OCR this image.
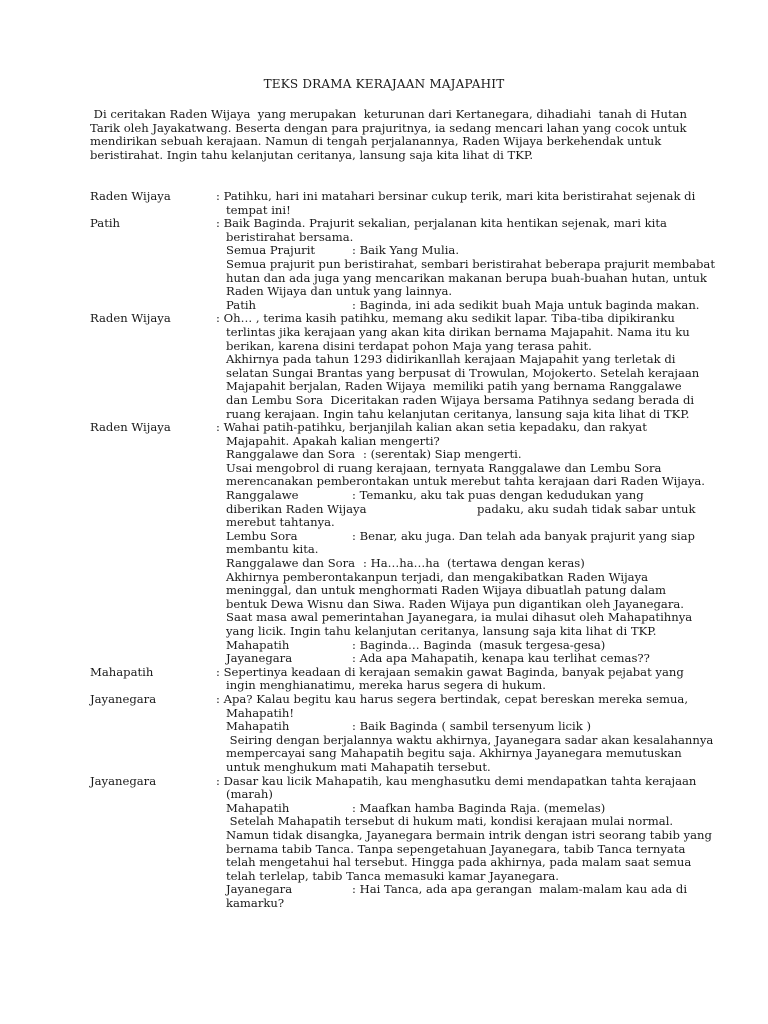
TEKS DRAMA KERAJAAN MAJAPAHIT

Di ceritakan Raden Wijaya  yang merupakan  keturunan dari Kertanegara, dihadiahi  tanah di Hutan

Tarik oleh Jayakatwang. Beserta dengan para prajuritnya, ia sedang mencari lahan yang cocok untuk

mendirikan sebuah kerajaan. Namun di tengah perjalanannya, Raden Wijaya berkehendak untuk

beristirahat. Ingin tahu kelanjutan ceritanya, lansung saja kita lihat di TKP.

Raden Wijaya	: Patihku, hari ini matahari bersinar cukup terik, mari kita beristirahat sejenak di
tempat ini!
Patih	: Baik Baginda. Prajurit sekalian, perjalanan kita hentikan sejenak, mari kita
beristirahat bersama.
Semua Prajurit	: Baik Yang Mulia.
Semua prajurit pun beristirahat, sembari beristirahat beberapa prajurit membabat
hutan dan ada juga yang mencarikan makanan berupa buah-buahan hutan, untuk
Raden Wijaya dan untuk yang lainnya.
Patih	: Baginda, ini ada sedikit buah Maja untuk baginda makan.
Raden Wijaya	: Oh… , terima kasih patihku, memang aku sedikit lapar. Tiba-tiba dipikiranku
terlintas jika kerajaan yang akan kita dirikan bernama Majapahit. Nama itu ku
berikan, karena disini terdapat pohon Maja yang terasa pahit.
Akhirnya pada tahun 1293 didirikanllah kerajaan Majapahit yang terletak di
selatan Sungai Brantas yang berpusat di Trowulan, Mojokerto. Setelah kerajaan
Majapahit berjalan, Raden Wijaya  memiliki patih yang bernama Ranggalawe
dan Lembu Sora  Diceritakan raden Wijaya bersama Patihnya sedang berada di
ruang kerajaan. Ingin tahu kelanjutan ceritanya, lansung saja kita lihat di TKP.
Raden Wijaya	: Wahai patih-patihku, berjanjilah kalian akan setia kepadaku, dan rakyat
Majapahit. Apakah kalian mengerti?
Ranggalawe dan Sora
: (serentak) Siap mengerti.
Usai mengobrol di ruang kerajaan, ternyata Ranggalawe dan Lembu Sora
merencanakan pemberontakan untuk merebut tahta kerajaan dari Raden Wijaya.
Ranggalawe	: Temanku, aku tak puas dengan kedudukan yang
diberikan Raden Wijaya                              padaku, aku sudah tidak sabar untuk
merebut tahtanya.
Lembu Sora	: Benar, aku juga. Dan telah ada banyak prajurit yang siap
membantu kita.
Ranggalawe dan Sora
: Ha…ha…ha  (tertawa dengan keras)
Akhirnya pemberontakanpun terjadi, dan mengakibatkan Raden Wijaya
meninggal, dan untuk menghormati Raden Wijaya dibuatlah patung dalam
bentuk Dewa Wisnu dan Siwa. Raden Wijaya pun digantikan oleh Jayanegara.
Saat masa awal pemerintahan Jayanegara, ia mulai dihasut oleh Mahapatihnya
yang licik. Ingin tahu kelanjutan ceritanya, lansung saja kita lihat di TKP.
Mahapatih	: Baginda… Baginda  (masuk tergesa-gesa)
Jayanegara	: Ada apa Mahapatih, kenapa kau terlihat cemas??
Mahapatih	: Sepertinya keadaan di kerajaan semakin gawat Baginda, banyak pejabat yang
ingin menghianatimu, mereka harus segera di hukum.
Jayanegara	: Apa? Kalau begitu kau harus segera bertindak, cepat bereskan mereka semua,
Mahapatih!
Mahapatih	: Baik Baginda ( sambil tersenyum licik )
Seiring dengan berjalannya waktu akhirnya, Jayanegara sadar akan kesalahannya
mempercayai sang Mahapatih begitu saja. Akhirnya Jayanegara memutuskan
untuk menghukum mati Mahapatih tersebut.
Jayanegara	: Dasar kau licik Mahapatih, kau menghasutku demi mendapatkan tahta kerajaan
(marah)
Mahapatih	: Maafkan hamba Baginda Raja. (memelas)
Setelah Mahapatih tersebut di hukum mati, kondisi kerajaan mulai normal.
Namun tidak disangka, Jayanegara bermain intrik dengan istri seorang tabib yang
bernama tabib Tanca. Tanpa sepengetahuan Jayanegara, tabib Tanca ternyata
telah mengetahui hal tersebut. Hingga pada akhirnya, pada malam saat semua
telah terlelap, tabib Tanca memasuki kamar Jayanegara.
Jayanegara	: Hai Tanca, ada apa gerangan  malam-malam kau ada di
kamarku?
